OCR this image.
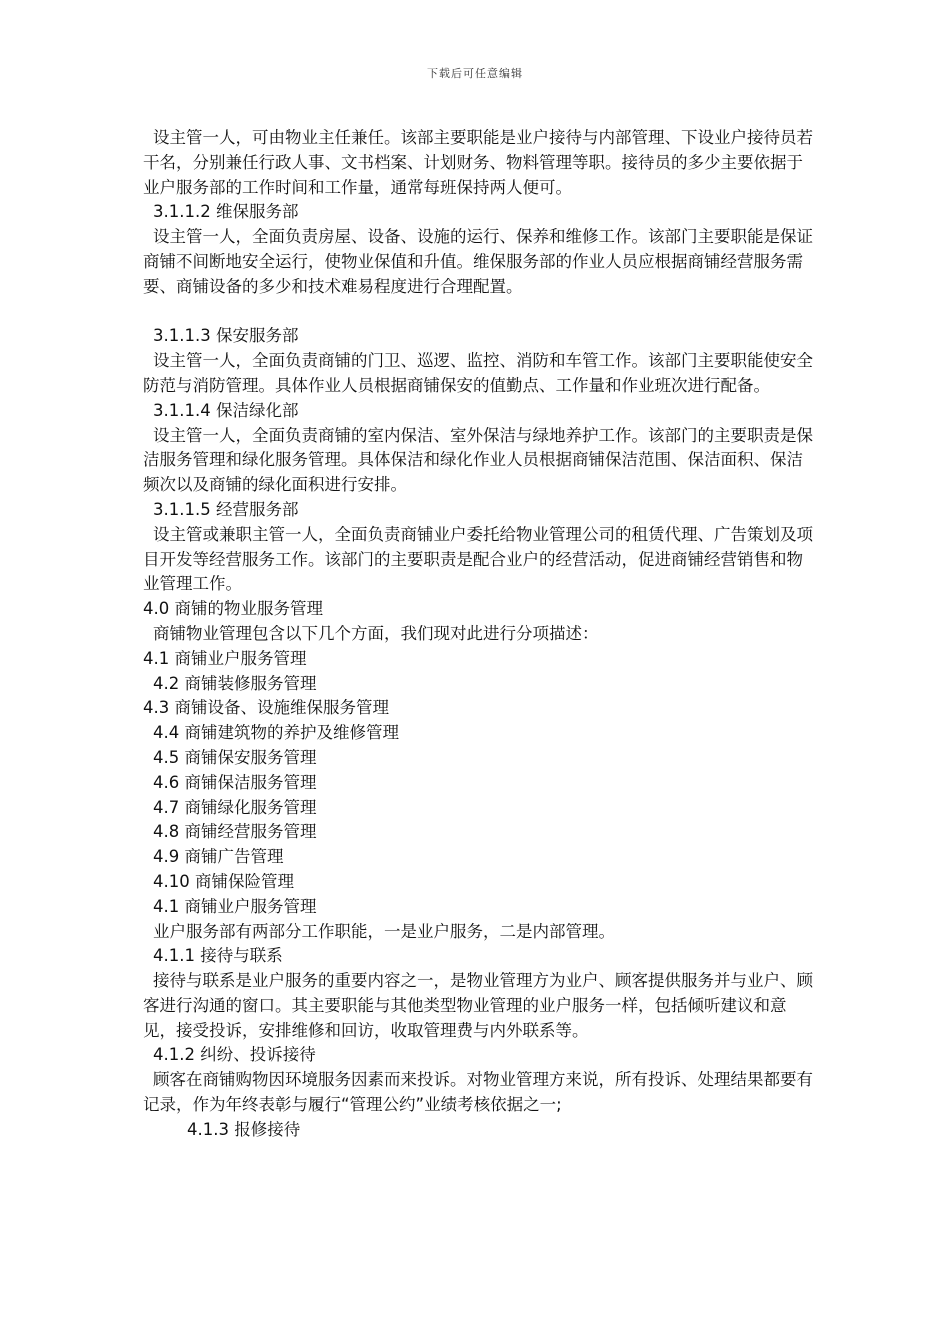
下载后可任意编辑

设主管一人，可由物业主任兼任。该部主要职能是业户接待与内部管理、下设业户接待员若干名，分别兼任行政人事、文书档案、计划财务、物料管理等职。接待员的多少主要依据于业户服务部的工作时间和工作量，通常每班保持两人便可。

3.1.1.2 维保服务部

设主管一人，全面负责房屋、设备、设施的运行、保养和维修工作。该部门主要职能是保证商铺不间断地安全运行，使物业保值和升值。维保服务部的作业人员应根据商铺经营服务需要、商铺设备的多少和技术难易程度进行合理配置。

3.1.1.3 保安服务部

设主管一人，全面负责商铺的门卫、巡逻、监控、消防和车管工作。该部门主要职能使安全防范与消防管理。具体作业人员根据商铺保安的值勤点、工作量和作业班次进行配备。

3.1.1.4 保洁绿化部

设主管一人，全面负责商铺的室内保洁、室外保洁与绿地养护工作。该部门的主要职责是保洁服务管理和绿化服务管理。具体保洁和绿化作业人员根据商铺保洁范围、保洁面积、保洁频次以及商铺的绿化面积进行安排。

3.1.1.5 经营服务部

设主管或兼职主管一人，全面负责商铺业户委托给物业管理公司的租赁代理、广告策划及项目开发等经营服务工作。该部门的主要职责是配合业户的经营活动，促进商铺经营销售和物业管理工作。

4.0 商铺的物业服务管理

商铺物业管理包含以下几个方面，我们现对此进行分项描述：

4.1 商铺业户服务管理

4.2 商铺装修服务管理

4.3 商铺设备、设施维保服务管理

4.4 商铺建筑物的养护及维修管理

4.5 商铺保安服务管理

4.6 商铺保洁服务管理

4.7 商铺绿化服务管理

4.8 商铺经营服务管理

4.9 商铺广告管理

4.10 商铺保险管理

4.1 商铺业户服务管理

业户服务部有两部分工作职能，一是业户服务，二是内部管理。

4.1.1 接待与联系

接待与联系是业户服务的重要内容之一，是物业管理方为业户、顾客提供服务并与业户、顾客进行沟通的窗口。其主要职能与其他类型物业管理的业户服务一样，包括倾听建议和意见，接受投诉，安排维修和回访，收取管理费与内外联系等。

4.1.2 纠纷、投诉接待

顾客在商铺购物因环境服务因素而来投诉。对物业管理方来说，所有投诉、处理结果都要有记录，作为年终表彰与履行“管理公约”业绩考核依据之一;

4.1.3 报修接待
